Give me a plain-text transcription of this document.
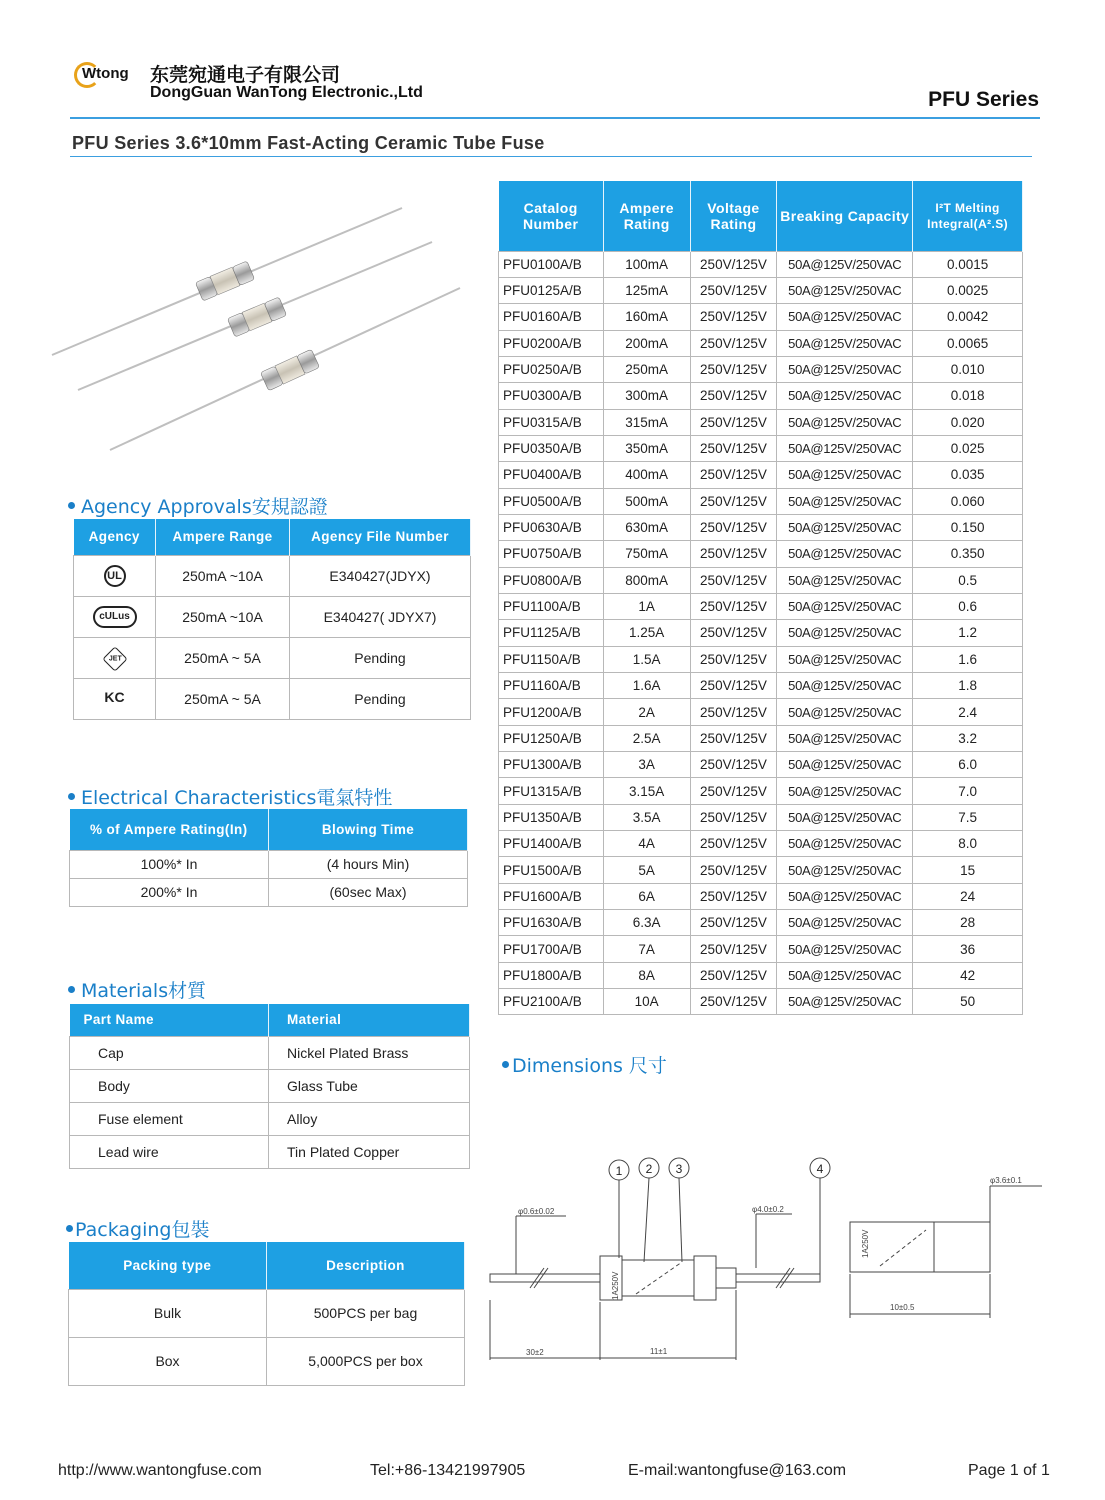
Wtong 东莞宛通电子有限公司
DongGuan WanTong Electronic.,Ltd	PFU Series
PFU Series 3.6*10mm Fast-Acting Ceramic Tube Fuse
Catalog Number	Ampere Rating	Voltage Rating	Breaking Capacity	I²T Melting Integral(A².S)
PFU0100A/B	100mA	250V/125V	50A@125V/250VAC	0.0015
PFU0125A/B	125mA	250V/125V	50A@125V/250VAC	0.0025
PFU0160A/B	160mA	250V/125V	50A@125V/250VAC	0.0042
PFU0200A/B	200mA	250V/125V	50A@125V/250VAC	0.0065
PFU0250A/B	250mA	250V/125V	50A@125V/250VAC	0.010
PFU0300A/B	300mA	250V/125V	50A@125V/250VAC	0.018
PFU0315A/B	315mA	250V/125V	50A@125V/250VAC	0.020
PFU0350A/B	350mA	250V/125V	50A@125V/250VAC	0.025
PFU0400A/B	400mA	250V/125V	50A@125V/250VAC	0.035
PFU0500A/B	500mA	250V/125V	50A@125V/250VAC	0.060
PFU0630A/B	630mA	250V/125V	50A@125V/250VAC	0.150
PFU0750A/B	750mA	250V/125V	50A@125V/250VAC	0.350
PFU0800A/B	800mA	250V/125V	50A@125V/250VAC	0.5
PFU1100A/B	1A	250V/125V	50A@125V/250VAC	0.6
PFU1125A/B	1.25A	250V/125V	50A@125V/250VAC	1.2
PFU1150A/B	1.5A	250V/125V	50A@125V/250VAC	1.6
PFU1160A/B	1.6A	250V/125V	50A@125V/250VAC	1.8
PFU1200A/B	2A	250V/125V	50A@125V/250VAC	2.4
PFU1250A/B	2.5A	250V/125V	50A@125V/250VAC	3.2
PFU1300A/B	3A	250V/125V	50A@125V/250VAC	6.0
PFU1315A/B	3.15A	250V/125V	50A@125V/250VAC	7.0
PFU1350A/B	3.5A	250V/125V	50A@125V/250VAC	7.5
PFU1400A/B	4A	250V/125V	50A@125V/250VAC	8.0
PFU1500A/B	5A	250V/125V	50A@125V/250VAC	15
PFU1600A/B	6A	250V/125V	50A@125V/250VAC	24
PFU1630A/B	6.3A	250V/125V	50A@125V/250VAC	28
PFU1700A/B	7A	250V/125V	50A@125V/250VAC	36
PFU1800A/B	8A	250V/125V	50A@125V/250VAC	42
PFU2100A/B	10A	250V/125V	50A@125V/250VAC	50
Agency Approvals安規認證
Agency	Ampere Range	Agency File Number
UL	250mA ~10A	E340427(JDYX)
cULus	250mA ~10A	E340427( JDYX7)
JET	250mA ~ 5A	Pending
KC	250mA ~ 5A	Pending
Electrical Characteristics電氣特性
% of Ampere Rating(In)	Blowing Time
100%* In	(4 hours Min)
200%* In	(60sec Max)
Materials材質
Part Name	Material
Cap	Nickel Plated Brass
Body	Glass Tube
Fuse element	Alloy
Lead wire	Tin Plated Copper
Packaging包裝
Packing type	Description
Bulk	500PCS per bag
Box	5,000PCS per box
Dimensions 尺寸
1 2 3	4
φ0.6±0.02	φ4.0±0.2
φ3.6±0.1
30±2	11±1
10±0.5
1A250V
1A250V
http://www.wantongfuse.com	Tel:+86-13421997905	E-mail:wantongfuse@163.com	Page 1 of 1
